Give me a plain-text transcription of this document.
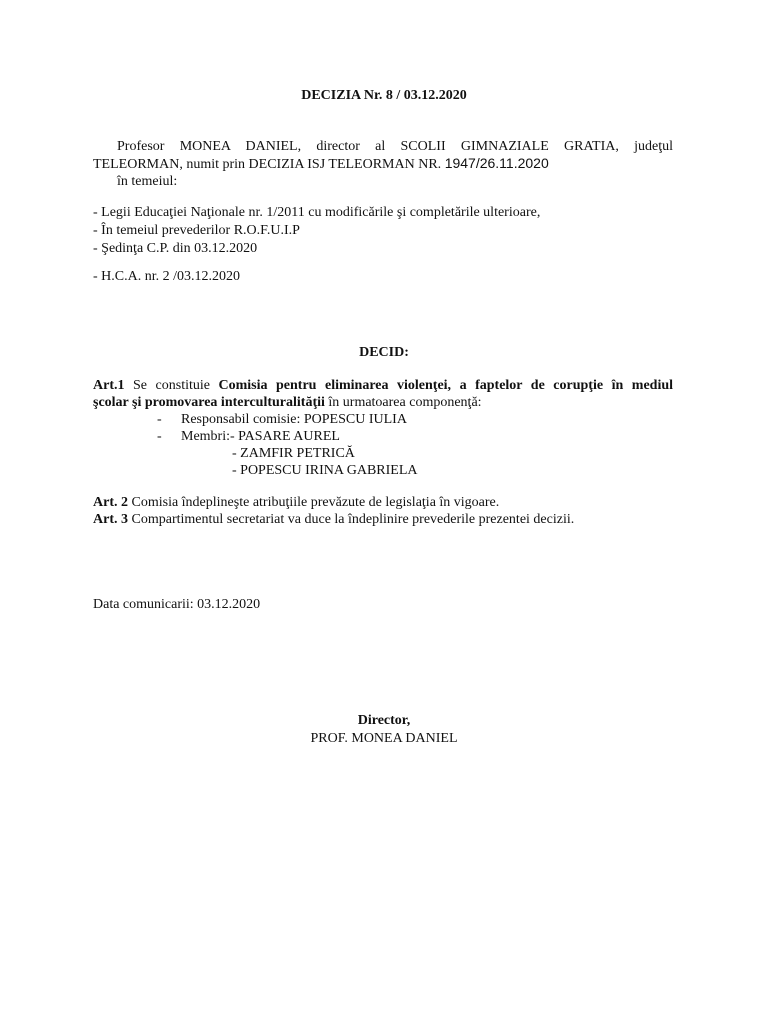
DECIZIA Nr. 8 / 03.12.2020
Profesor MONEA DANIEL, director al SCOLII GIMNAZIALE GRATIA, judeţul
TELEORMAN, numit prin DECIZIA ISJ TELEORMAN NR. 1947/26.11.2020
în temeiul:
- Legii Educaţiei Naţionale nr. 1/2011 cu modificările şi completările ulterioare,
- În temeiul prevederilor R.O.F.U.I.P
- Şedinţa C.P. din 03.12.2020
- H.C.A. nr. 2 /03.12.2020
DECID:
Art.1 Se constituie Comisia pentru eliminarea violenţei, a faptelor de corupţie în mediul
şcolar şi promovarea interculturalităţii în urmatoarea componenţă:
- Responsabil comisie: POPESCU IULIA
- Membri:- PASARE AUREL
- ZAMFIR PETRICĂ
- POPESCU IRINA GABRIELA
Art. 2 Comisia îndeplineşte atribuţiile prevăzute de legislaţia în vigoare.
Art. 3 Compartimentul secretariat va duce la îndeplinire prevederile prezentei decizii.
Data comunicarii: 03.12.2020
Director,
PROF. MONEA DANIEL
